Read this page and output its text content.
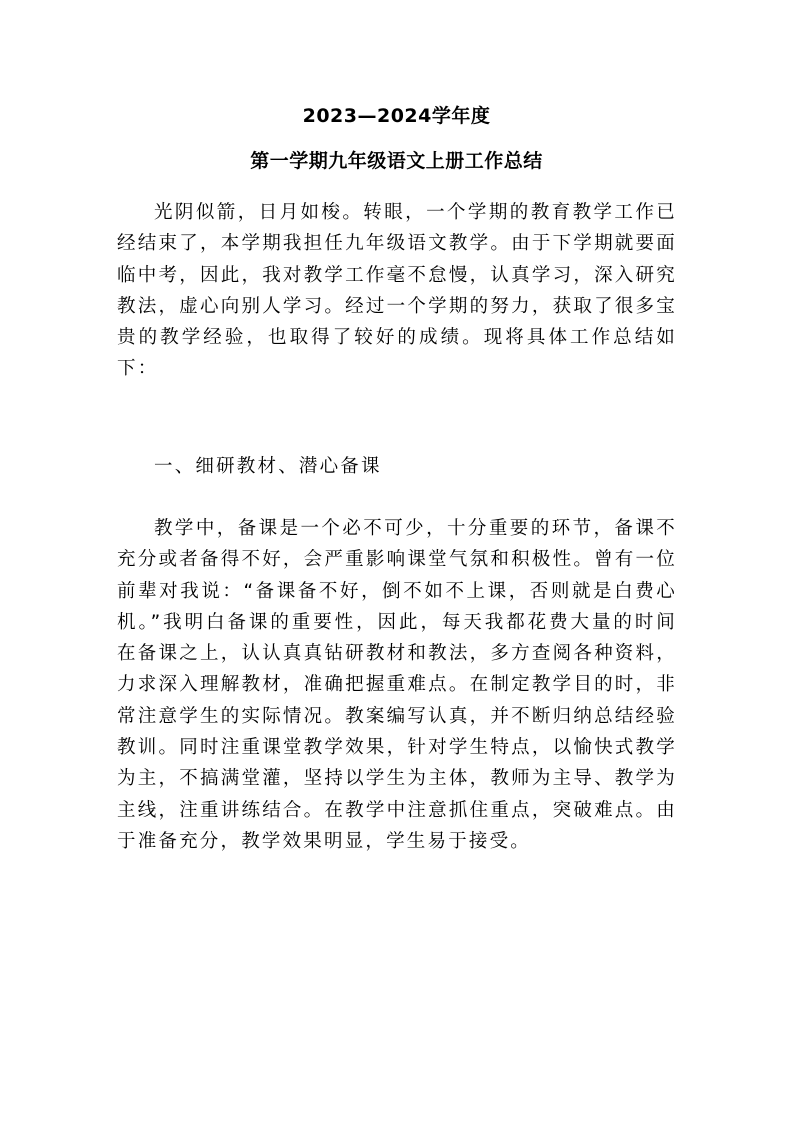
2023—2024学年度
第一学期九年级语文上册工作总结

光阴似箭，日月如梭。转眼，一个学期的教育教学工作已经结束了，本学期我担任九年级语文教学。由于下学期就要面临中考，因此，我对教学工作毫不怠慢，认真学习，深入研究教法，虚心向别人学习。经过一个学期的努力，获取了很多宝贵的教学经验，也取得了较好的成绩。现将具体工作总结如下：

一、细研教材、潜心备课

教学中，备课是一个必不可少，十分重要的环节，备课不充分或者备得不好，会严重影响课堂气氛和积极性。曾有一位前辈对我说：“备课备不好，倒不如不上课，否则就是白费心机。”我明白备课的重要性，因此，每天我都花费大量的时间在备课之上，认认真真钻研教材和教法，多方查阅各种资料，力求深入理解教材，准确把握重难点。在制定教学目的时，非常注意学生的实际情况。教案编写认真，并不断归纳总结经验教训。同时注重课堂教学效果，针对学生特点，以愉快式教学为主，不搞满堂灌，坚持以学生为主体，教师为主导、教学为主线，注重讲练结合。在教学中注意抓住重点，突破难点。由于准备充分，教学效果明显，学生易于接受。
